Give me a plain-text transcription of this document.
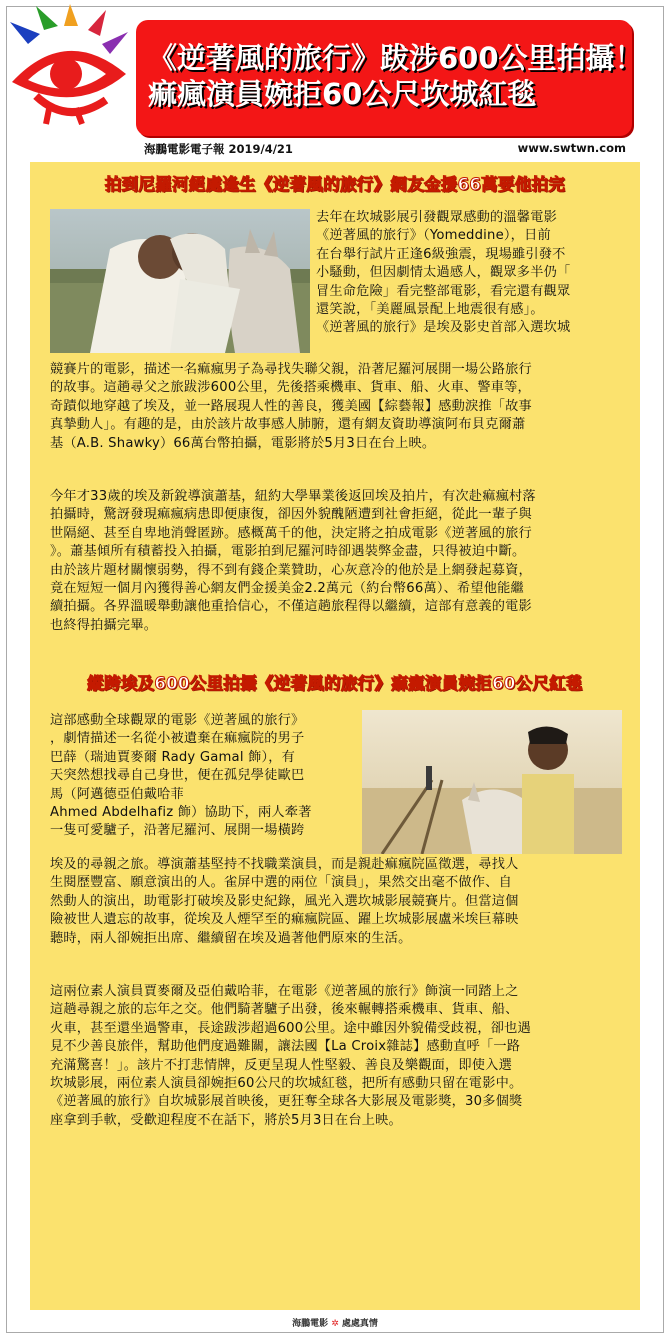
《逆著風的旅行》跋涉600公里拍攝！
痲瘋演員婉拒60公尺坎城紅毯
海鵬電影電子報 2019/4/21	www.swtwn.com
拍到尼羅河絕處逢生《逆著風的旅行》網友金援66萬要他拍完
去年在坎城影展引發觀眾感動的溫馨電影
《逆著風的旅行》（Yomeddine），日前
在台舉行試片正逢6級強震，現場雖引發不
小騷動，但因劇情太過感人，觀眾多半仍「
冒生命危險」看完整部電影，看完還有觀眾
還笑說，「美麗風景配上地震很有感」。
《逆著風的旅行》是埃及影史首部入選坎城
競賽片的電影，描述一名痲瘋男子為尋找失聯父親，沿著尼羅河展開一場公路旅行
的故事。這趟尋父之旅跋涉600公里，先後搭乘機車、貨車、船、火車、警車等，
奇蹟似地穿越了埃及，並一路展現人性的善良，獲美國【綜藝報】感動淚推「故事
真摯動人」。有趣的是，由於該片故事感人肺腑，還有網友資助導演阿布貝克爾蕭
基（A.B. Shawky）66萬台幣拍攝，電影將於5月3日在台上映。
今年才33歲的埃及新銳導演蕭基，紐約大學畢業後返回埃及拍片，有次赴痲瘋村落
拍攝時，驚訝發現痲瘋病患即便康復，卻因外貌醜陋遭到社會拒絕，從此一輩子與
世隔絕、甚至自卑地消聲匿跡。感概萬千的他，決定將之拍成電影《逆著風的旅行
》。蕭基傾所有積蓄投入拍攝，電影拍到尼羅河時卻遇裝弊金盡，只得被迫中斷。
由於該片題材關懷弱勢，得不到有錢企業贊助，心灰意冷的他於是上網發起募資，
竟在短短一個月內獲得善心網友們金援美金2.2萬元（約台幣66萬）、希望他能繼
續拍攝。各界溫暖舉動讓他重拾信心，不僅這趟旅程得以繼續，這部有意義的電影
也終得拍攝完畢。
縱跨埃及600公里拍攝《逆著風的旅行》痲瘋演員婉拒60公尺紅毯
這部感動全球觀眾的電影《逆著風的旅行》
，劇情描述一名從小被遺棄在痲瘋院的男子
巴薛（瑞迪賈麥爾 Rady Gamal 飾），有
天突然想找尋自己身世，便在孤兒學徒歐巴
馬（阿邁德亞伯戴哈菲
Ahmed Abdelhafiz 飾）協助下，兩人牽著
一隻可愛驢子，沿著尼羅河、展開一場橫跨
埃及的尋親之旅。導演蕭基堅持不找職業演員，而是親赴痲瘋院區徵選，尋找人
生閱歷豐富、願意演出的人。雀屏中選的兩位「演員」，果然交出毫不做作、自
然動人的演出，助電影打破埃及影史紀錄，風光入選坎城影展競賽片。但當這個
險被世人遺忘的故事，從埃及人煙罕至的痲瘋院區、躍上坎城影展盧米埃巨幕映
聽時，兩人卻婉拒出席、繼續留在埃及過著他們原來的生活。
這兩位素人演員賈麥爾及亞伯戴哈菲，在電影《逆著風的旅行》飾演一同踏上之
這趟尋親之旅的忘年之交。他們騎著驢子出發，後來輾轉搭乘機車、貨車、船、
火車，甚至還坐過警車，長途跋涉超過600公里。途中雖因外貌備受歧視，卻也遇
見不少善良旅伴，幫助他們度過難關，讓法國【La Croix雜誌】感動直呼「一路
充滿驚喜！」。該片不打悲情牌，反更呈現人性堅毅、善良及樂觀面，即使入選
坎城影展，兩位素人演員卻婉拒60公尺的坎城紅毯，把所有感動只留在電影中。
《逆著風的旅行》自坎城影展首映後，更狂奪全球各大影展及電影獎，30多個獎
座拿到手軟，受歡迎程度不在話下，將於5月3日在台上映。
海鵬電影 ✲ 處處真情
